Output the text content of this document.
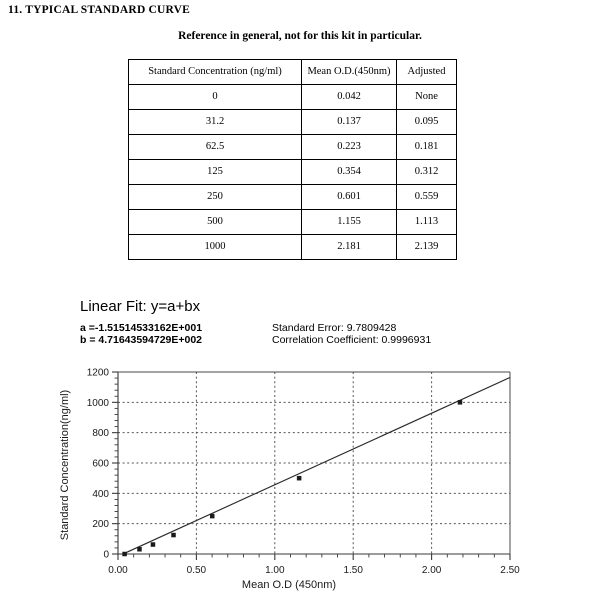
11. TYPICAL STANDARD CURVE
Reference in general, not for this kit in particular.
Standard Concentration (ng/ml)	Mean O.D.(450nm)	Adjusted
0	0.042	None
31.2	0.137	0.095
62.5	0.223	0.181
125	0.354	0.312
250	0.601	0.559
500	1.155	1.113
1000	2.181	2.139
Linear Fit: y=a+bx
a =-1.51514533162E+001
b = 4.71643594729E+002
Standard Error: 9.7809428
Correlation Coefficient: 0.9996931
0
200
400
600
800
1000
1200
0.00	0.50	1.00	1.50	2.00	2.50
Mean O.D (450nm)
Standard Concentration(ng/ml)
